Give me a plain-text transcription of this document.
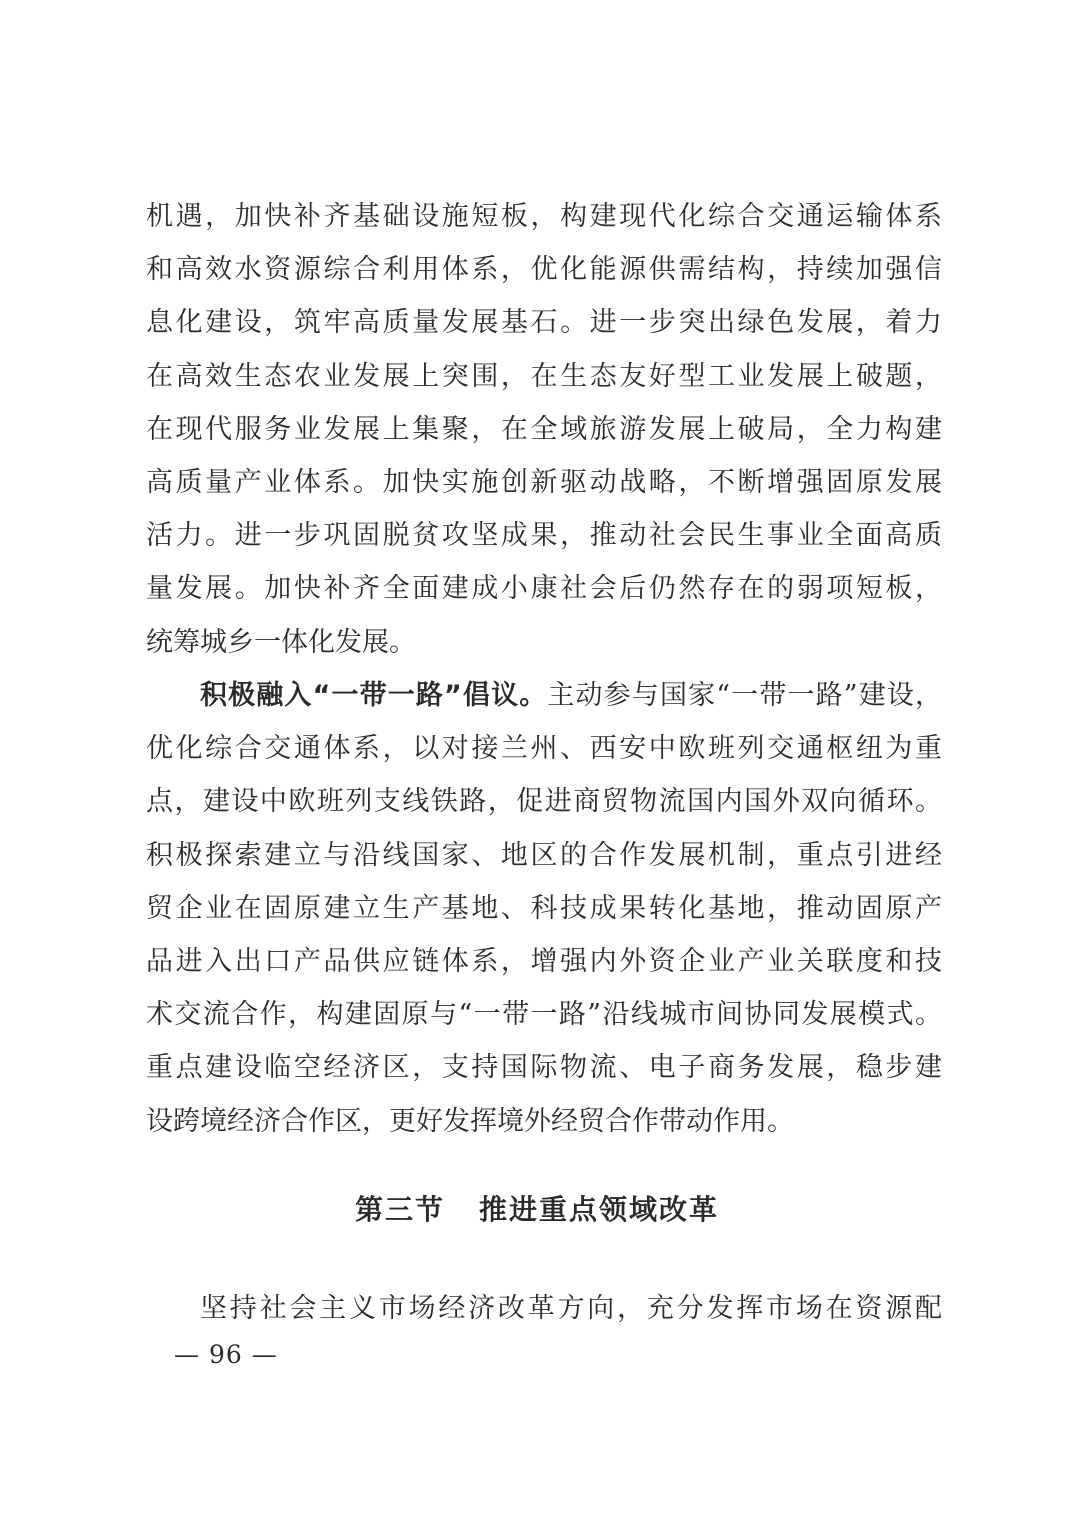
机遇，加快补齐基础设施短板，构建现代化综合交通运输体系
和高效水资源综合利用体系，优化能源供需结构，持续加强信
息化建设，筑牢高质量发展基石。进一步突出绿色发展，着力
在高效生态农业发展上突围，在生态友好型工业发展上破题，
在现代服务业发展上集聚，在全域旅游发展上破局，全力构建
高质量产业体系。加快实施创新驱动战略，不断增强固原发展
活力。进一步巩固脱贫攻坚成果，推动社会民生事业全面高质
量发展。加快补齐全面建成小康社会后仍然存在的弱项短板，
统筹城乡一体化发展。
积极融入“一带一路”倡议。主动参与国家“一带一路”建设，
优化综合交通体系，以对接兰州、西安中欧班列交通枢纽为重
点，建设中欧班列支线铁路，促进商贸物流国内国外双向循环。
积极探索建立与沿线国家、地区的合作发展机制，重点引进经
贸企业在固原建立生产基地、科技成果转化基地，推动固原产
品进入出口产品供应链体系，增强内外资企业产业关联度和技
术交流合作，构建固原与“一带一路”沿线城市间协同发展模式。
重点建设临空经济区，支持国际物流、电子商务发展，稳步建
设跨境经济合作区，更好发挥境外经贸合作带动作用。
第三节 推进重点领域改革
坚持社会主义市场经济改革方向，充分发挥市场在资源配
— 96 —
